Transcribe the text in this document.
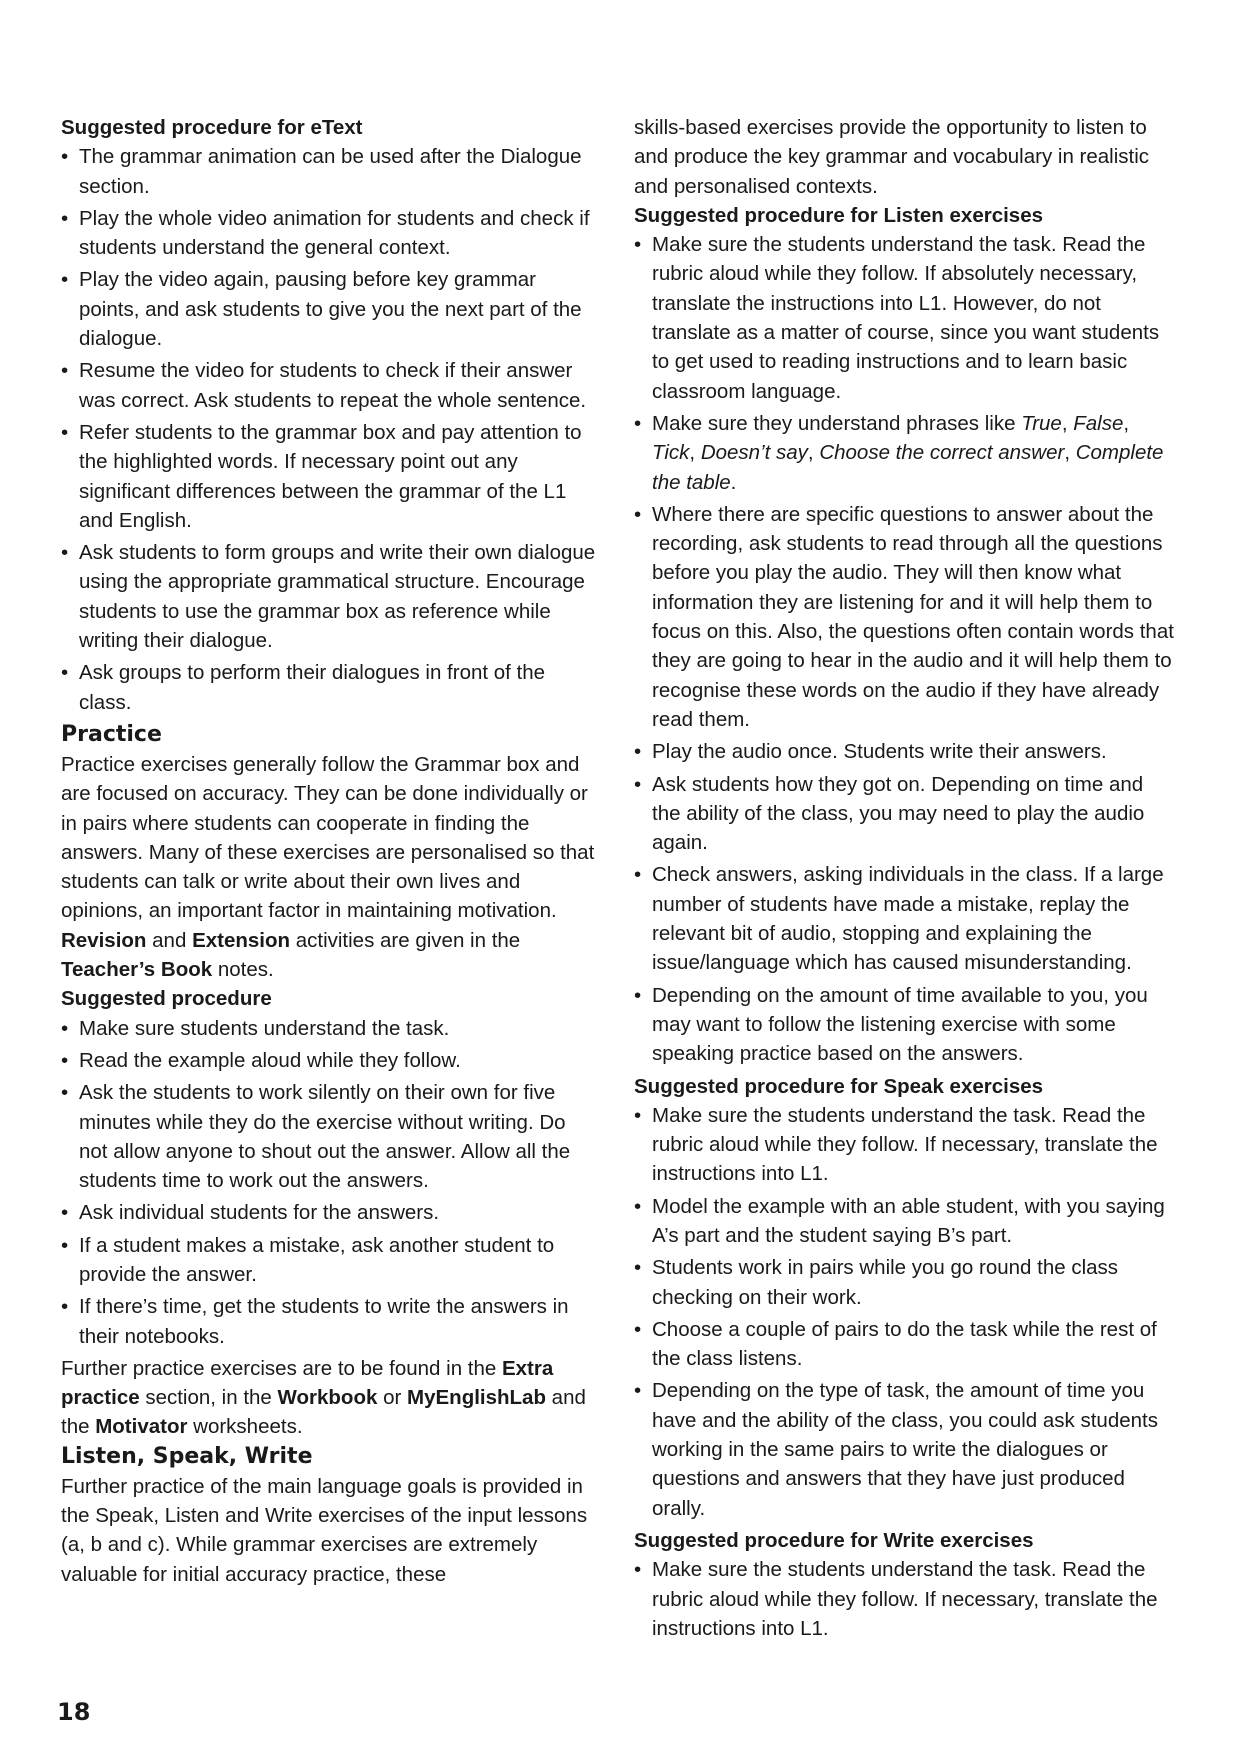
Suggested procedure for eText
• The grammar animation can be used after the Dialogue section.
• Play the whole video animation for students and check if students understand the general context.
• Play the video again, pausing before key grammar points, and ask students to give you the next part of the dialogue.
• Resume the video for students to check if their answer was correct. Ask students to repeat the whole sentence.
• Refer students to the grammar box and pay attention to the highlighted words. If necessary point out any significant differences between the grammar of the L1 and English.
• Ask students to form groups and write their own dialogue using the appropriate grammatical structure. Encourage students to use the grammar box as reference while writing their dialogue.
• Ask groups to perform their dialogues in front of the class.
Practice

Practice exercises generally follow the Grammar box and are focused on accuracy. They can be done individually or in pairs where students can cooperate in finding the answers. Many of these exercises are personalised so that students can talk or write about their own lives and opinions, an important factor in maintaining motivation. Revision and Extension activities are given in the Teacher’s Book notes.

Suggested procedure
• Make sure students understand the task.
• Read the example aloud while they follow.
• Ask the students to work silently on their own for five minutes while they do the exercise without writing. Do not allow anyone to shout out the answer. Allow all the students time to work out the answers.
• Ask individual students for the answers.
• If a student makes a mistake, ask another student to provide the answer.
• If there’s time, get the students to write the answers in their notebooks.

Further practice exercises are to be found in the Extra practice section, in the Workbook or MyEnglishLab and the Motivator worksheets.

Listen, Speak, Write

Further practice of the main language goals is provided in the Speak, Listen and Write exercises of the input lessons (a, b and c). While grammar exercises are extremely valuable for initial accuracy practice, these

skills-based exercises provide the opportunity to listen to and produce the key grammar and vocabulary in realistic and personalised contexts.

Suggested procedure for Listen exercises
• Make sure the students understand the task. Read the rubric aloud while they follow. If absolutely necessary, translate the instructions into L1. However, do not translate as a matter of course, since you want students to get used to reading instructions and to learn basic classroom language.
• Make sure they understand phrases like True, False, Tick, Doesn’t say, Choose the correct answer, Complete the table.
• Where there are specific questions to answer about the recording, ask students to read through all the questions before you play the audio. They will then know what information they are listening for and it will help them to focus on this. Also, the questions often contain words that they are going to hear in the audio and it will help them to recognise these words on the audio if they have already read them.
• Play the audio once. Students write their answers.
• Ask students how they got on. Depending on time and the ability of the class, you may need to play the audio again.
• Check answers, asking individuals in the class. If a large number of students have made a mistake, replay the relevant bit of audio, stopping and explaining the issue/language which has caused misunderstanding.
• Depending on the amount of time available to you, you may want to follow the listening exercise with some speaking practice based on the answers.
Suggested procedure for Speak exercises
• Make sure the students understand the task. Read the rubric aloud while they follow. If necessary, translate the instructions into L1.
• Model the example with an able student, with you saying A’s part and the student saying B’s part.
• Students work in pairs while you go round the class checking on their work.
• Choose a couple of pairs to do the task while the rest of the class listens.
• Depending on the type of task, the amount of time you have and the ability of the class, you could ask students working in the same pairs to write the dialogues or questions and answers that they have just produced orally.
Suggested procedure for Write exercises
• Make sure the students understand the task. Read the rubric aloud while they follow. If necessary, translate the instructions into L1.
18
